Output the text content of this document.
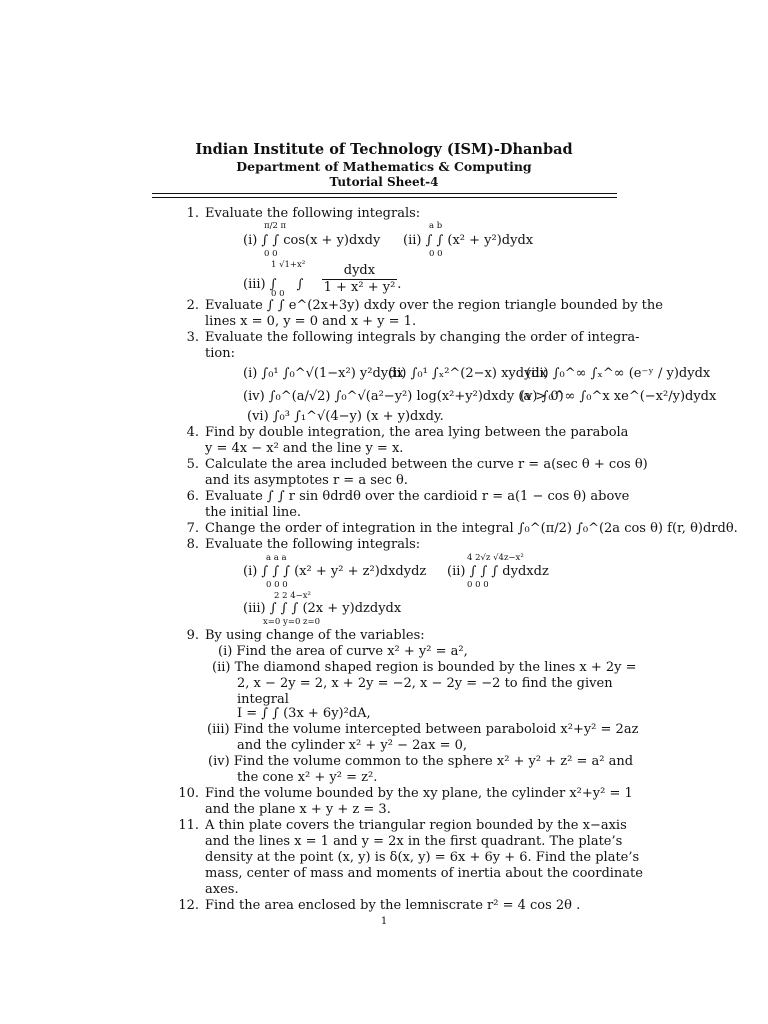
Indian Institute of Technology (ISM)-Dhanbad
Department of Mathematics & Computing
Tutorial Sheet-4
1. Evaluate the following integrals:
π/2 π
(i) ∫ ∫ cos(x + y)dxdy
0 0
a b
(ii) ∫ ∫ (x² + y²)dydx
0 0
1 √1+x²
(iii) ∫ ∫ $\frac{\text{dydx}}{\text{1 + x² + y²}}$ .
0 0
2. Evaluate ∫ ∫ e^(2x+3y) dxdy over the region triangle bounded by the
lines x = 0, y = 0 and x + y = 1.
3. Evaluate the following integrals by changing the order of integra-
tion:
(i) ∫₀¹ ∫₀^√(1−x²) y²dydx
(ii) ∫₀¹ ∫ₓ²^(2−x) xydydx
(iii) ∫₀^∞ ∫ₓ^∞ (e⁻ʸ / y)dydx
(iv) ∫₀^(a/√2) ∫₀^√(a²−y²) log(x²+y²)dxdy (a > 0)
(v) ∫₀^∞ ∫₀^x xe^(−x²/y)dydx
(vi) ∫₀³ ∫₁^√(4−y) (x + y)dxdy.
4. Find by double integration, the area lying between the parabola
y = 4x − x² and the line y = x.
5. Calculate the area included between the curve r = a(sec θ + cos θ)
and its asymptotes r = a sec θ.
6. Evaluate ∫ ∫ r sin θdrdθ over the cardioid r = a(1 − cos θ) above
the initial line.
7. Change the order of integration in the integral ∫₀^(π/2) ∫₀^(2a cos θ) f(r, θ)drdθ.
8. Evaluate the following integrals:
a a a
(i) ∫ ∫ ∫ (x² + y² + z²)dxdydz
0 0 0
4 2√z √4z−x²
(ii) ∫ ∫ ∫ dydxdz
0 0 0
2 2 4−x²
(iii) ∫ ∫ ∫ (2x + y)dzdydx
x=0 y=0 z=0
9. By using change of the variables:
(i) Find the area of curve x² + y² = a²,
(ii) The diamond shaped region is bounded by the lines x + 2y =
2, x − 2y = 2, x + 2y = −2, x − 2y = −2 to find the given
integral
I = ∫ ∫ (3x + 6y)²dA,
(iii) Find the volume intercepted between paraboloid x²+y² = 2az
and the cylinder x² + y² − 2ax = 0,
(iv) Find the volume common to the sphere x² + y² + z² = a² and
the cone x² + y² = z².
10. Find the volume bounded by the xy plane, the cylinder x²+y² = 1
and the plane x + y + z = 3.
11. A thin plate covers the triangular region bounded by the x−axis
and the lines x = 1 and y = 2x in the first quadrant. The plate’s
density at the point (x, y) is δ(x, y) = 6x + 6y + 6. Find the plate’s
mass, center of mass and moments of inertia about the coordinate
axes.
12. Find the area enclosed by the lemniscrate r² = 4 cos 2θ .
1
